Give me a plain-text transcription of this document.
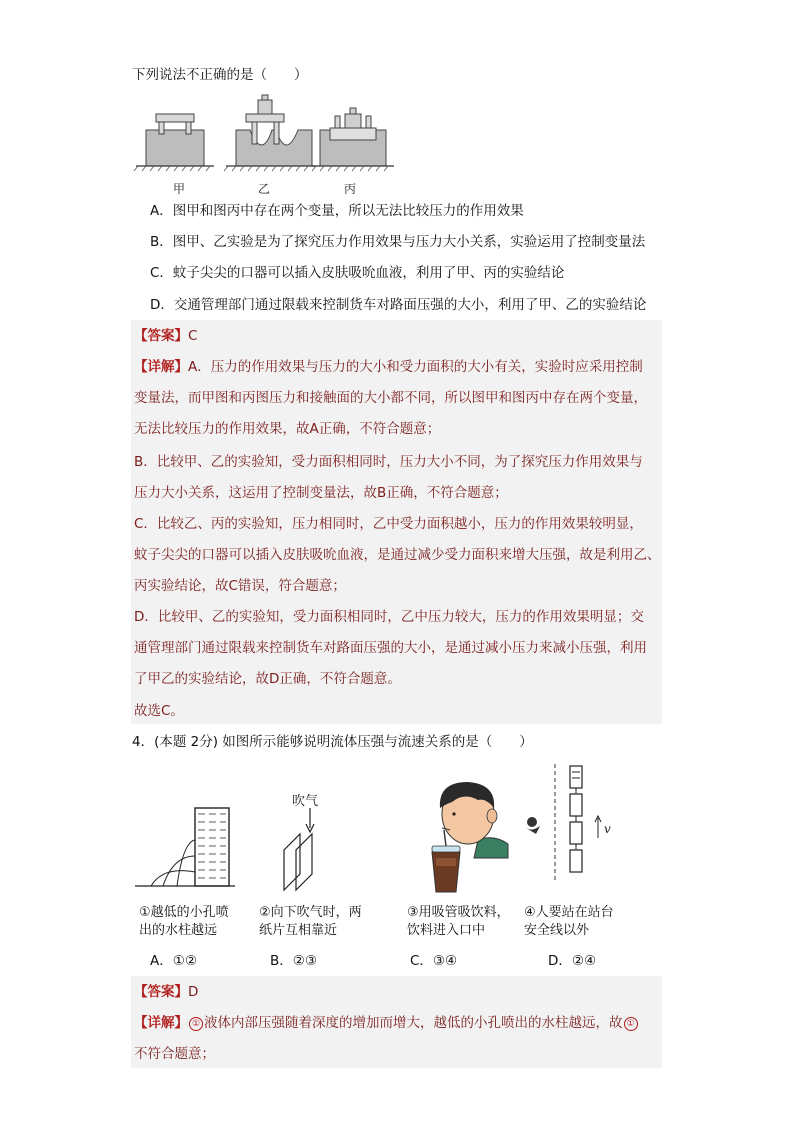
下列说法不正确的是（　　）
甲	乙	丙
A．图甲和图丙中存在两个变量，所以无法比较压力的作用效果
B．图甲、乙实验是为了探究压力作用效果与压力大小关系，实验运用了控制变量法
C．蚊子尖尖的口器可以插入皮肤吸吮血液，利用了甲、丙的实验结论
D．交通管理部门通过限载来控制货车对路面压强的大小，利用了甲、乙的实验结论
【答案】C
【详解】A．压力的作用效果与压力的大小和受力面积的大小有关，实验时应采用控制
变量法，而甲图和丙图压力和接触面的大小都不同，所以图甲和图丙中存在两个变量，
无法比较压力的作用效果，故A正确，不符合题意；
B．比较甲、乙的实验知，受力面积相同时，压力大小不同，为了探究压力作用效果与
压力大小关系，这运用了控制变量法，故B正确，不符合题意；
C．比较乙、丙的实验知，压力相同时，乙中受力面积越小，压力的作用效果较明显，
蚊子尖尖的口器可以插入皮肤吸吮血液，是通过减少受力面积来增大压强，故是利用乙、
丙实验结论，故C错误，符合题意；
D．比较甲、乙的实验知，受力面积相同时，乙中压力较大，压力的作用效果明显；交
通管理部门通过限载来控制货车对路面压强的大小，是通过减小压力来减小压强，利用
了甲乙的实验结论，故D正确，不符合题意。
故选C。
4．(本题 2分) 如图所示能够说明流体压强与流速关系的是（　　）
吹气
v
①越低的小孔喷
出的水柱越远
②向下吹气时，两
纸片互相靠近
③用吸管吸饮料，
饮料进入口中
④人要站在站台
安全线以外
A．①②	B．②③	C．③④	D．②④
【答案】D
【详解】 ① 液体内部压强随着深度的增加而增大，越低的小孔喷出的水柱越远，故 ①
不符合题意；
